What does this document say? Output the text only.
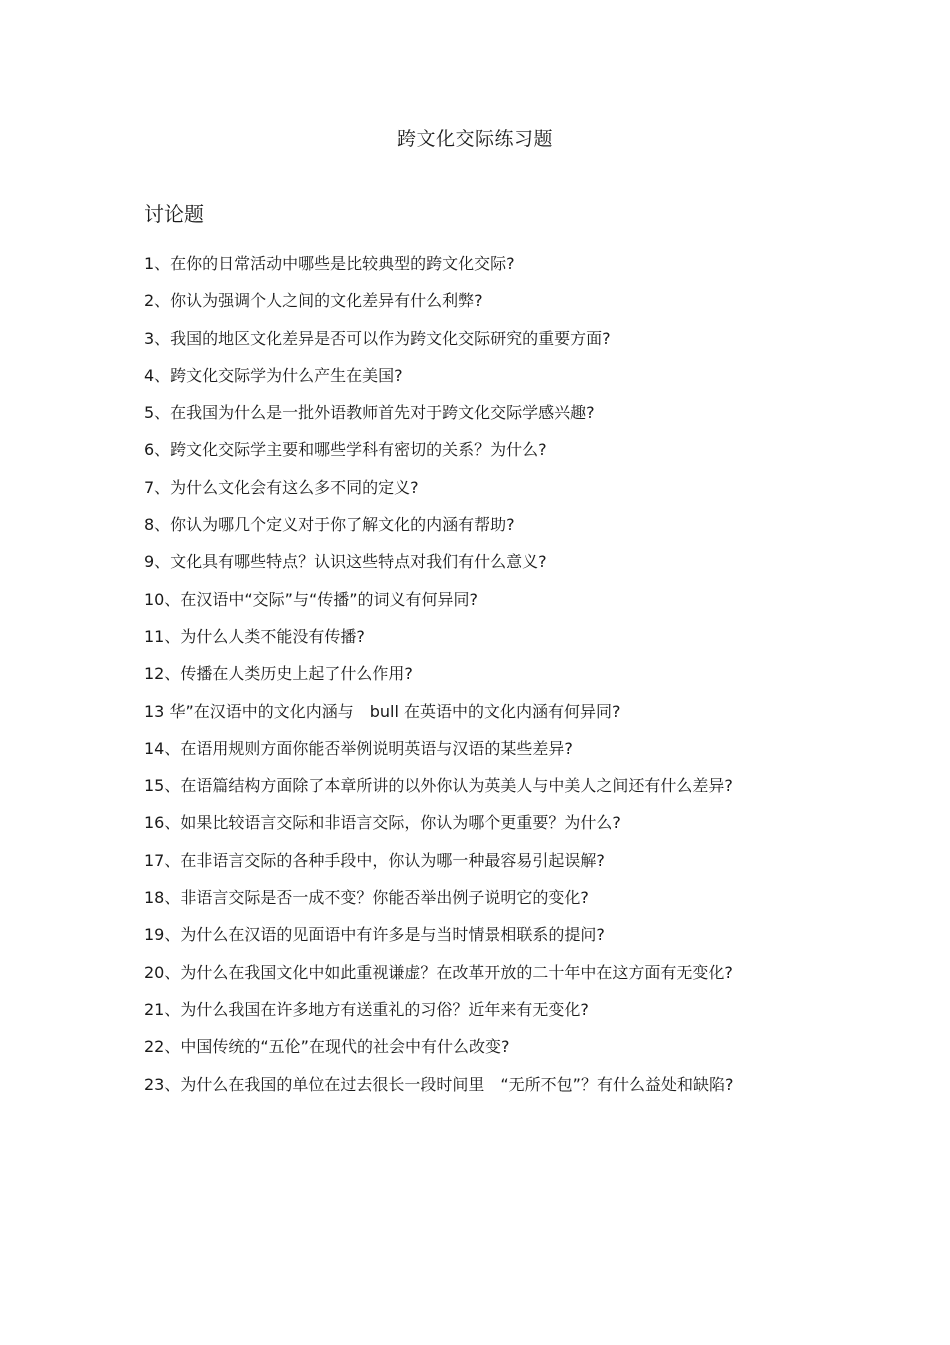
跨文化交际练习题
讨论题
1、在你的日常活动中哪些是比较典型的跨文化交际?
2、你认为强调个人之间的文化差异有什么利弊?
3、我国的地区文化差异是否可以作为跨文化交际研究的重要方面?
4、跨文化交际学为什么产生在美国?
5、在我国为什么是一批外语教师首先对于跨文化交际学感兴趣?
6、跨文化交际学主要和哪些学科有密切的关系？为什么?
7、为什么文化会有这么多不同的定义?
8、你认为哪几个定义对于你了解文化的内涵有帮助?
9、文化具有哪些特点？认识这些特点对我们有什么意义?
10、在汉语中“交际”与“传播”的词义有何异同?
11、为什么人类不能没有传播?
12、传播在人类历史上起了什么作用?
13 华”在汉语中的文化内涵与　bull 在英语中的文化内涵有何异同?
14、在语用规则方面你能否举例说明英语与汉语的某些差异?
15、在语篇结构方面除了本章所讲的以外你认为英美人与中美人之间还有什么差异?
16、如果比较语言交际和非语言交际，你认为哪个更重要？为什么?
17、在非语言交际的各种手段中，你认为哪一种最容易引起误解?
18、非语言交际是否一成不变？你能否举出例子说明它的变化?
19、为什么在汉语的见面语中有许多是与当时情景相联系的提问?
20、为什么在我国文化中如此重视谦虚？在改革开放的二十年中在这方面有无变化?
21、为什么我国在许多地方有送重礼的习俗？近年来有无变化?
22、中国传统的“五伦”在现代的社会中有什么改变?
23、为什么在我国的单位在过去很长一段时间里　“无所不包”？有什么益处和缺陷?
